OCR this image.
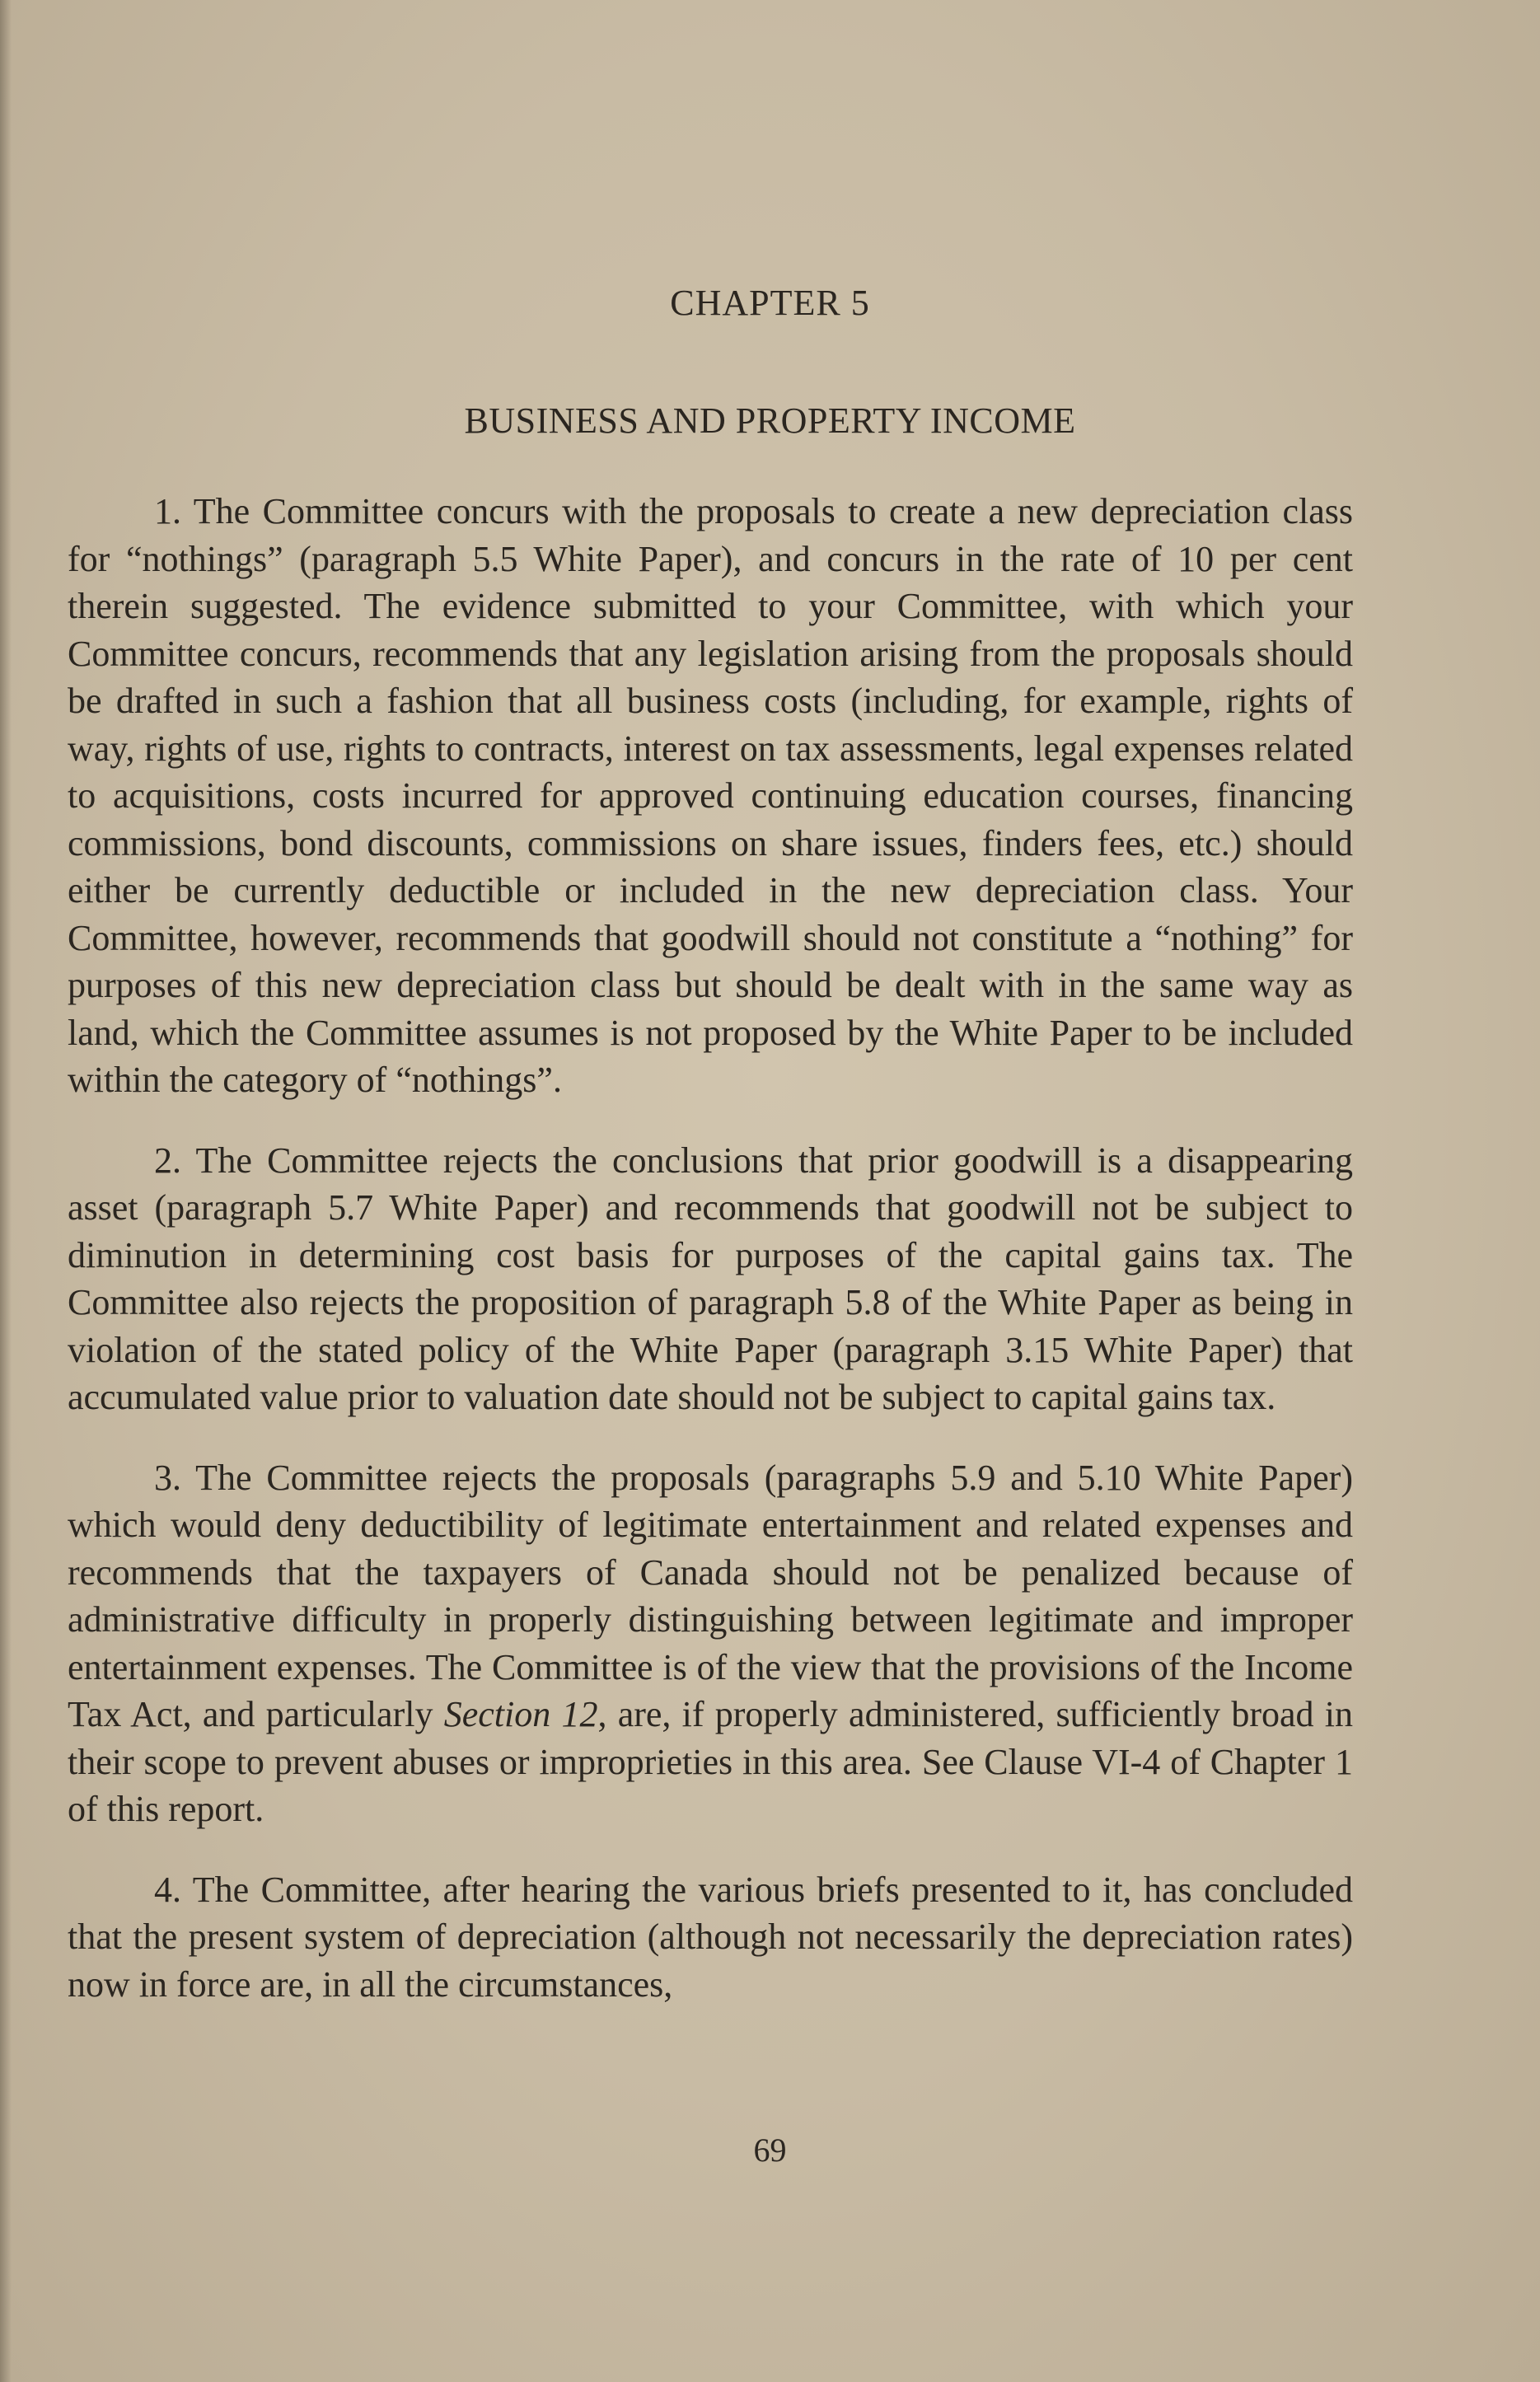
CHAPTER 5
BUSINESS AND PROPERTY INCOME

1. The Committee concurs with the proposals to create a new depreciation class for “nothings” (paragraph 5.5 White Paper), and concurs in the rate of 10 per cent therein suggested. The evidence submitted to your Committee, with which your Committee concurs, recommends that any legislation arising from the proposals should be drafted in such a fashion that all business costs (including, for example, rights of way, rights of use, rights to contracts, interest on tax assessments, legal expenses related to acquisitions, costs incurred for approved continuing education courses, financing commissions, bond discounts, commissions on share issues, finders fees, etc.) should either be currently deductible or included in the new depreciation class. Your Committee, however, recommends that goodwill should not constitute a “nothing” for purposes of this new depreciation class but should be dealt with in the same way as land, which the Committee assumes is not proposed by the White Paper to be included within the category of “nothings”.

2. The Committee rejects the conclusions that prior goodwill is a disappearing asset (paragraph 5.7 White Paper) and recommends that goodwill not be subject to diminution in determining cost basis for purposes of the capital gains tax. The Committee also rejects the proposition of paragraph 5.8 of the White Paper as being in violation of the stated policy of the White Paper (paragraph 3.15 White Paper) that accumulated value prior to valuation date should not be subject to capital gains tax.

3. The Committee rejects the proposals (paragraphs 5.9 and 5.10 White Paper) which would deny deductibility of legitimate entertainment and related expenses and recommends that the taxpayers of Canada should not be penalized because of administrative difficulty in properly distinguishing between legitimate and improper entertainment expenses. The Committee is of the view that the provisions of the Income Tax Act, and particularly Section 12, are, if properly administered, sufficiently broad in their scope to prevent abuses or improprieties in this area. See Clause VI-4 of Chapter 1 of this report.

4. The Committee, after hearing the various briefs presented to it, has concluded that the present system of depreciation (although not necessarily the depreciation rates) now in force are, in all the circumstances,

69
